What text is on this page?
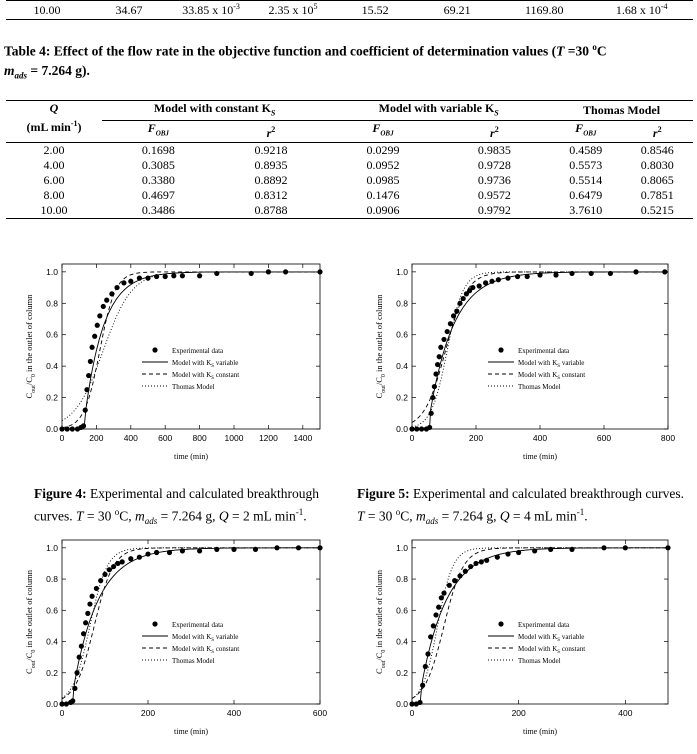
10.00	34.67	33.85 x $10^{-3}$	2.35 x $10^5$	15.52	69.21	1169.80	1.68 x $10^{-4}$
Table 4: Effect of the flow rate in the objective function and coefficient of determination values (T =30 $^o$C
$m_{ads} = 7.264$ g).
Q
(mL $\min^{-1}$)	Model with constant $K_S$		Model with variable $K_S$		Thomas Model	
	$F_{OBJ}$	$r^2$	$F_{OBJ}$	$r^2$	$F_{OBJ}$	$r^2$
2.00	0.1698	0.9218	0.0299	0.9835	0.4589	0.8546
4.00	0.3085	0.8935	0.0952	0.9728	0.5573	0.8030
6.00	0.3380	0.8892	0.0985	0.9736	0.5514	0.8065
8.00	0.4697	0.8312	0.1476	0.9572	0.6479	0.7851
10.00	0.3486	0.8788	0.0906	0.9792	3.7610	0.5215
0	200 400 600 800 1000 1200 1400
0.0
0.2
0.4
0.6
0.8
1.0
time (min)
$C_{out}/C_0$ in the outlet of column	Experimental data
Model with $K_S$ variable
Model with $K_S$ constant
Thomas Model
0	200	400	600	800
0.0
0.2
0.4
0.6
0.8
1.0
time (min)
$C_{out}/C_0$ in the outlet of column	Experimental data
Model with $K_S$ variable
Model with $K_S$ constant
Thomas Model
0	200	400	600
0.0
0.2
0.4
0.6
0.8
1.0
time (min)
$C_{out}/C_0$ in the outlet of column	Experimental data
Model with $K_S$ variable
Model with $K_S$ constant
Thomas Model
0	200	400
0.0
0.2
0.4
0.6
0.8
1.0
time (min)
$C_{out}/C_0$ in the outlet of column	Experimental data
Model with $K_S$ variable
Model with $K_S$ constant
Thomas Model
Figure 4: Experimental and calculated breakthrough curves. T = 30 $^o$C, $m_{ads} = 7.264$ g, Q = 2 mL $\min^{-1}$.
Figure 5: Experimental and calculated breakthrough curves. T = 30 $^o$C, $m_{ads} = 7.264$ g, Q = 4 mL $\min^{-1}$.
